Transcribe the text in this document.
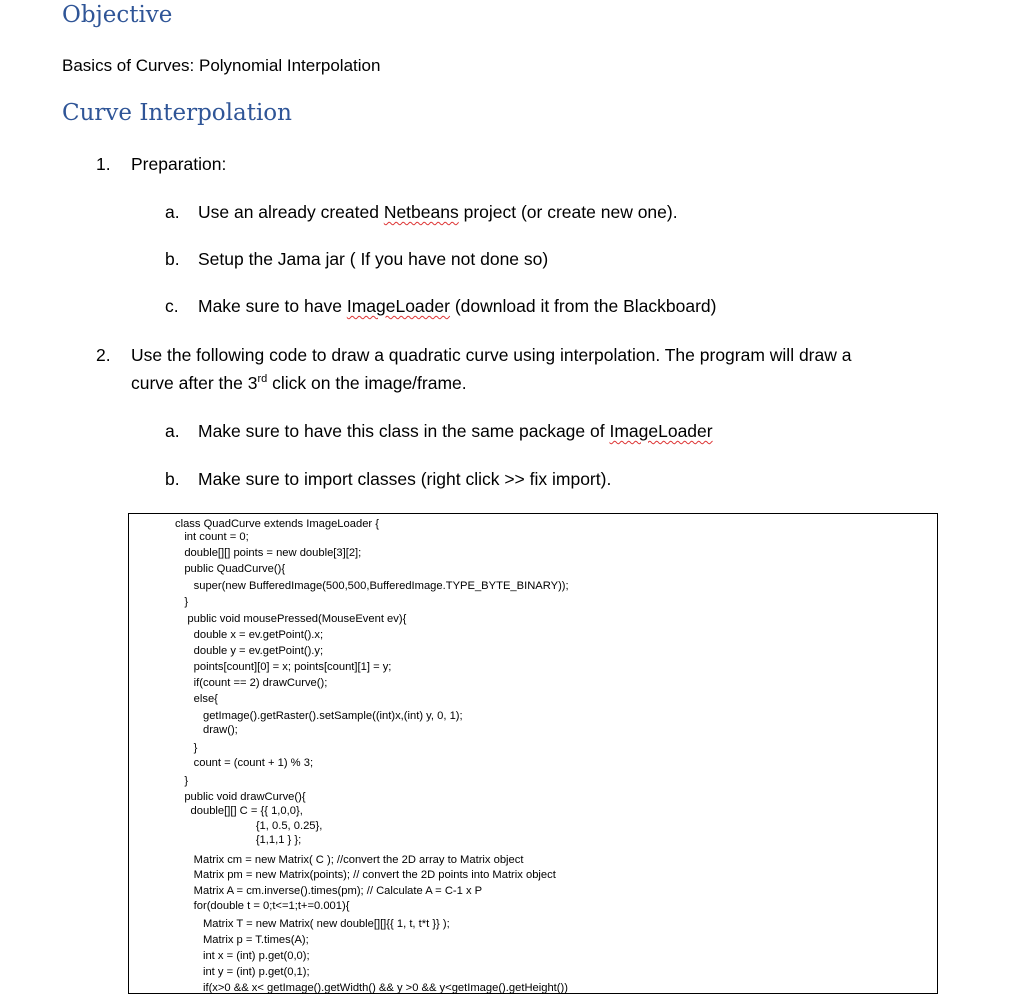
Objective
Basics of Curves: Polynomial Interpolation
Curve Interpolation
1. Preparation:
a. Use an already created Netbeans project (or create new one).
b. Setup the Jama jar ( If you have not done so)
c. Make sure to have ImageLoader (download it from the Blackboard)
2. Use the following code to draw a quadratic curve using interpolation. The program will draw a
curve after the 3rd click on the image/frame.
a. Make sure to have this class in the same package of ImageLoader
b. Make sure to import classes (right click >> fix import).
class QuadCurve extends ImageLoader {
int count = 0;
double[][] points = new double[3][2];
public QuadCurve(){
super(new BufferedImage(500,500,BufferedImage.TYPE_BYTE_BINARY));
}
public void mousePressed(MouseEvent ev){
double x = ev.getPoint().x;
double y = ev.getPoint().y;
points[count][0] = x; points[count][1] = y;
if(count == 2) drawCurve();
else{
getImage().getRaster().setSample((int)x,(int) y, 0, 1);
draw();
}
count = (count + 1) % 3;
}
public void drawCurve(){
double[][] C = {{ 1,0,0},
{1, 0.5, 0.25},
{1,1,1 } };
Matrix cm = new Matrix( C ); //convert the 2D array to Matrix object
Matrix pm = new Matrix(points); // convert the 2D points into Matrix object
Matrix A = cm.inverse().times(pm); // Calculate A = C-1 x P
for(double t = 0;t<=1;t+=0.001){
Matrix T = new Matrix( new double[][]{{ 1, t, t*t }} );
Matrix p = T.times(A);
int x = (int) p.get(0,0);
int y = (int) p.get(0,1);
if(x>0 && x< getImage().getWidth() && y >0 && y<getImage().getHeight())
